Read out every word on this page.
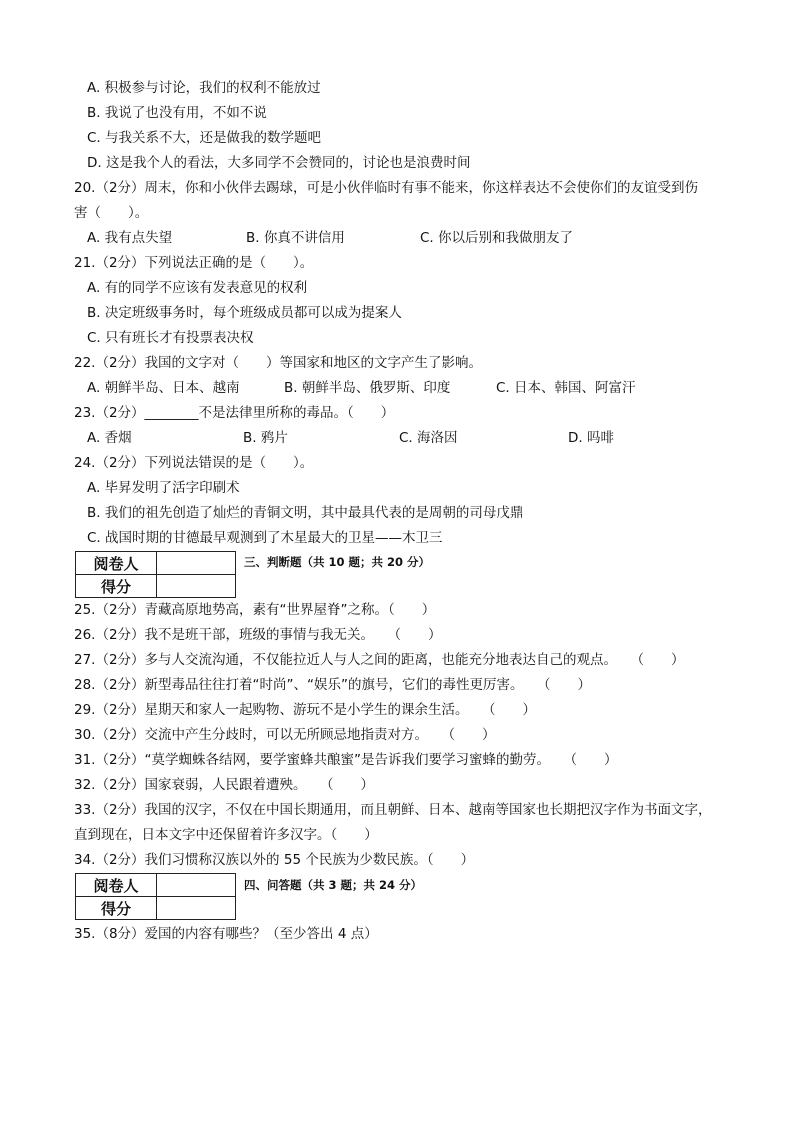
A. 积极参与讨论，我们的权利不能放过
B. 我说了也没有用，不如不说
C. 与我关系不大，还是做我的数学题吧
D. 这是我个人的看法，大多同学不会赞同的，讨论也是浪费时间
20.（2分）周末，你和小伙伴去踢球，可是小伙伴临时有事不能来，你这样表达不会使你们的友谊受到伤
害（　　）。
A. 我有点失望	B. 你真不讲信用	C. 你以后别和我做朋友了
21.（2分）下列说法正确的是（　　）。
A. 有的同学不应该有发表意见的权利
B. 决定班级事务时，每个班级成员都可以成为提案人
C. 只有班长才有投票表决权
22.（2分）我国的文字对（　　）等国家和地区的文字产生了影响。
A. 朝鲜半岛、日本、越南	B. 朝鲜半岛、俄罗斯、印度	C. 日本、韩国、阿富汗
23.（2分）________不是法律里所称的毒品。（　　）
A. 香烟	B. 鸦片	C. 海洛因	D. 吗啡
24.（2分）下列说法错误的是（　　）。
A. 毕昇发明了活字印刷术
B. 我们的祖先创造了灿烂的青铜文明，其中最具代表的是周朝的司母戊鼎
C. 战国时期的甘德最早观测到了木星最大的卫星——木卫三
阅卷人	
得分	
三、判断题（共 10 题；共 20 分）
25.（2分）青藏高原地势高，素有“世界屋脊”之称。（　　）
26.（2分）我不是班干部，班级的事情与我无关。　　（　　）
27.（2分）多与人交流沟通，不仅能拉近人与人之间的距离，也能充分地表达自己的观点。　　（　　）
28.（2分）新型毒品往往打着“时尚”、“娱乐”的旗号，它们的毒性更厉害。　　（　　）
29.（2分）星期天和家人一起购物、游玩不是小学生的课余生活。　　（　　）
30.（2分）交流中产生分歧时，可以无所顾忌地指责对方。　　（　　）
31.（2分）“莫学蜘蛛各结网，要学蜜蜂共酿蜜”是告诉我们要学习蜜蜂的勤劳。　　（　　）
32.（2分）国家衰弱，人民跟着遭殃。　　（　　）
33.（2分）我国的汉字，不仅在中国长期通用，而且朝鲜、日本、越南等国家也长期把汉字作为书面文字，
直到现在，日本文字中还保留着许多汉字。（　　）
34.（2分）我们习惯称汉族以外的 55 个民族为少数民族。（　　）
阅卷人	
得分	
四、问答题（共 3 题；共 24 分）
35.（8分）爱国的内容有哪些？（至少答出 4 点）
